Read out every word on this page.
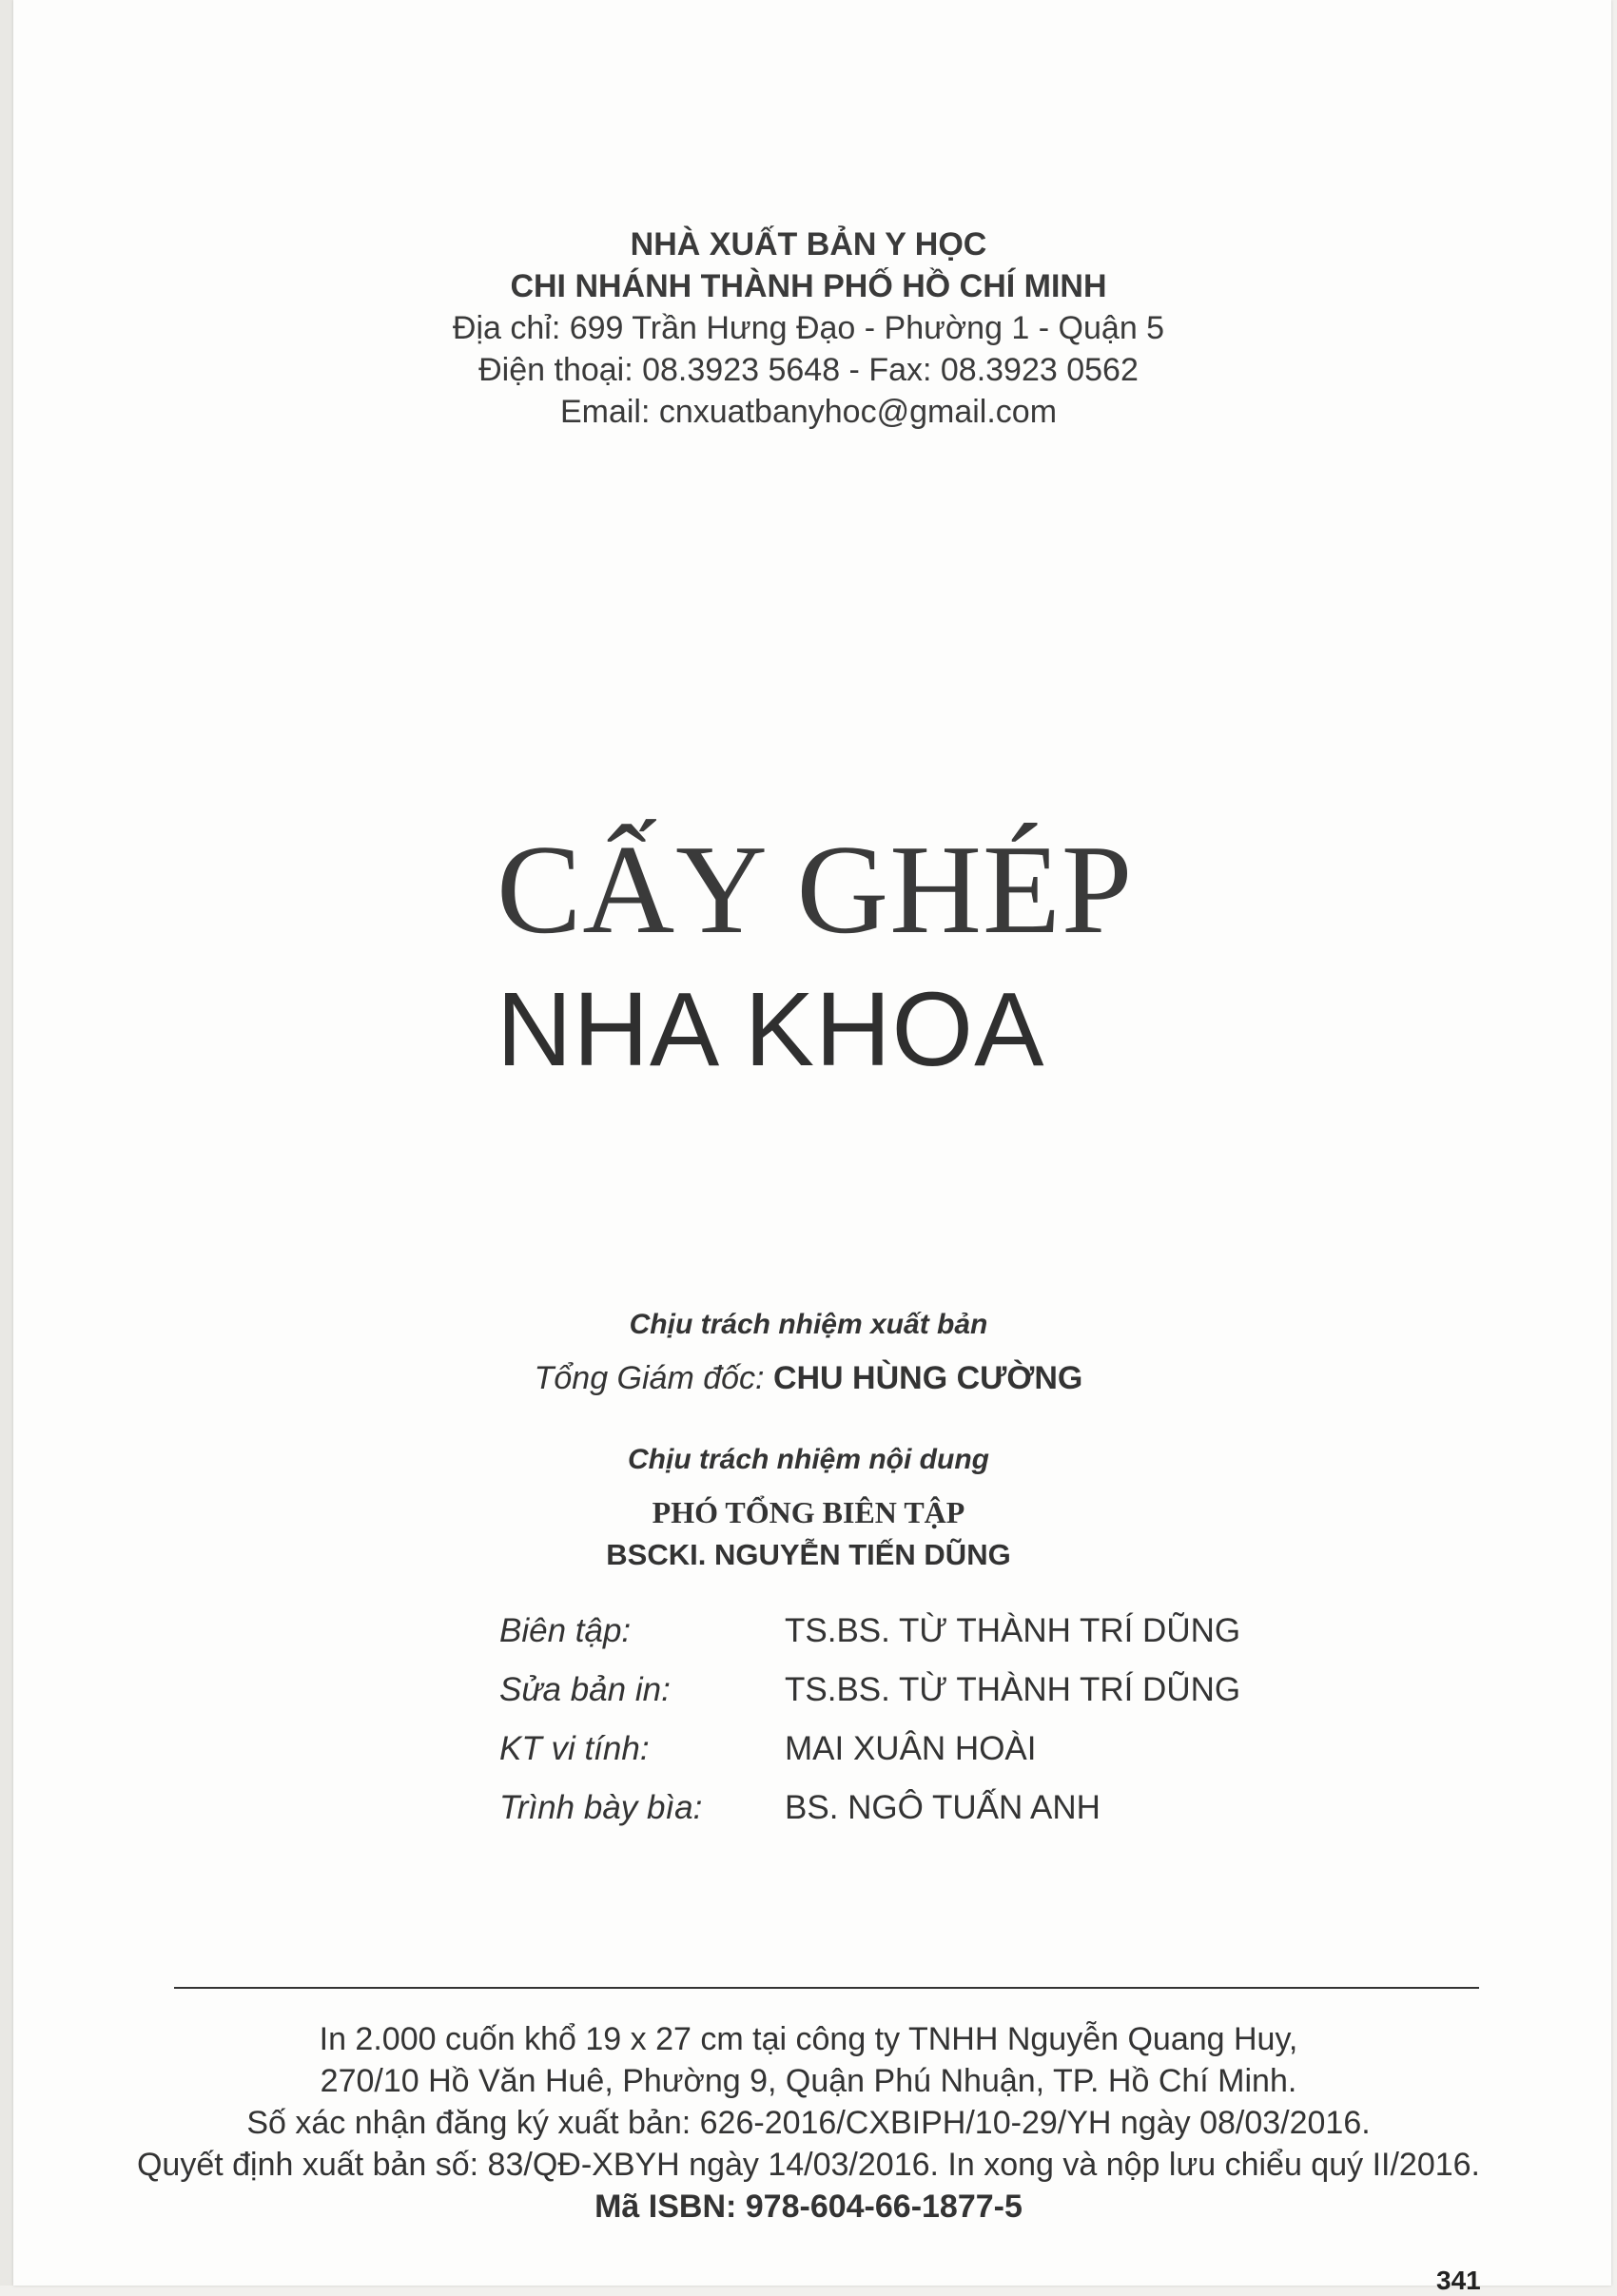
NHÀ XUẤT BẢN Y HỌC
CHI NHÁNH THÀNH PHỐ HỒ CHÍ MINH
Địa chỉ: 699 Trần Hưng Đạo - Phường 1 - Quận 5
Điện thoại: 08.3923 5648 - Fax: 08.3923 0562
Email: cnxuatbanyhoc@gmail.com
CẤY GHÉP
NHA KHOA
Chịu trách nhiệm xuất bản
Tổng Giám đốc: CHU HÙNG CƯỜNG
Chịu trách nhiệm nội dung
PHÓ TỔNG BIÊN TẬP
BSCKI. NGUYỄN TIẾN DŨNG
Biên tập:	TS.BS. TỪ THÀNH TRÍ DŨNG
Sửa bản in:	TS.BS. TỪ THÀNH TRÍ DŨNG
KT vi tính:	MAI XUÂN HOÀI
Trình bày bìa: BS. NGÔ TUẤN ANH
In 2.000 cuốn khổ 19 x 27 cm tại công ty TNHH Nguyễn Quang Huy,
270/10 Hồ Văn Huê, Phường 9, Quận Phú Nhuận, TP. Hồ Chí Minh.
Số xác nhận đăng ký xuất bản: 626-2016/CXBIPH/10-29/YH ngày 08/03/2016.
Quyết định xuất bản số: 83/QĐ-XBYH ngày 14/03/2016. In xong và nộp lưu chiểu quý II/2016.
Mã ISBN: 978-604-66-1877-5
341
